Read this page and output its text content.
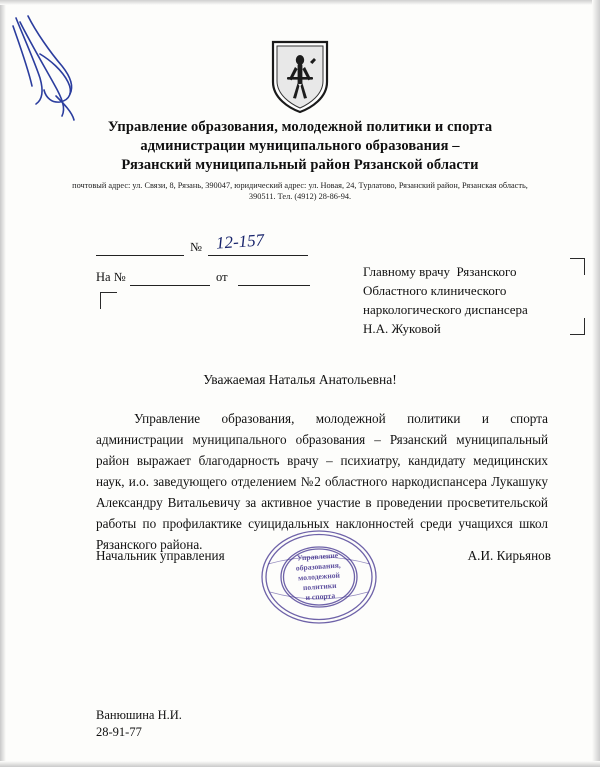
Управление образования, молодежной политики и спорта
администрации муниципального образования –
Рязанский муниципальный район Рязанской области
почтовый адрес: ул. Связи, 8, Рязань, 390047, юридический адрес: ул. Новая, 24, Турлатово, Рязанский район, Рязанская область, 390511. Тел. (4912) 28-86-94.
№ 12-157
На №	от	Главному врачу  Рязанского
Областного клинического
наркологического диспансера
Н.А. Жуковой
Уважаемая Наталья Анатольевна!

Управление образования, молодежной политики и спорта администрации муниципального образования – Рязанский муниципальный район выражает благодарность врачу – психиатру, кандидату медицинских наук, и.о. заведующего отделением №2 областного наркодиспансера Лукашуку Александру Витальевичу за активное участие в проведении просветительской работы по профилактике суицидальных наклонностей среди учащихся школ Рязанского района.

Начальник управления	А.И. Кирьянов
Управление
образования,
молодежной
политики
и спорта
Ванюшина Н.И.
28-91-77
